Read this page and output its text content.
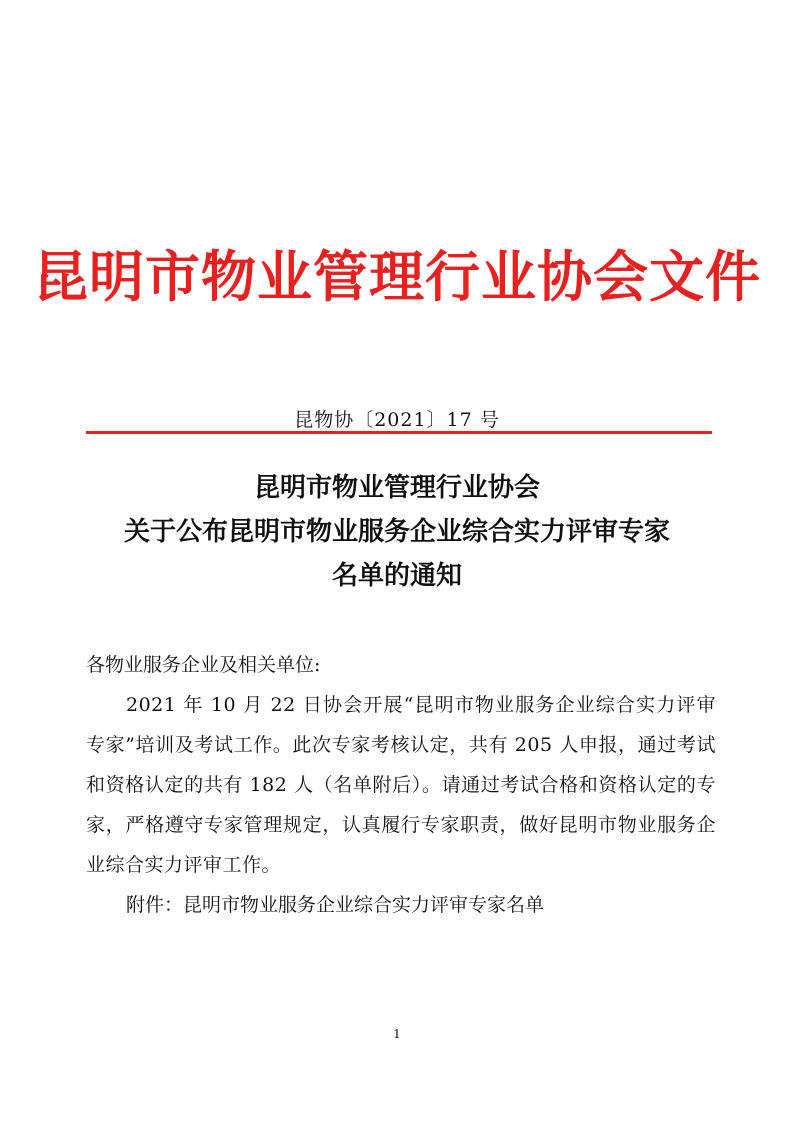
昆明市物业管理行业协会文件
昆物协〔2021〕17 号
昆明市物业管理行业协会
关于公布昆明市物业服务企业综合实力评审专家
名单的通知
各物业服务企业及相关单位:
2021 年 10 月 22 日协会开展“昆明市物业服务企业综合实力评审专家”培训及考试工作。此次专家考核认定，共有 205 人申报，通过考试和资格认定的共有 182 人（名单附后）。请通过考试合格和资格认定的专家，严格遵守专家管理规定，认真履行专家职责，做好昆明市物业服务企业综合实力评审工作。
附件：昆明市物业服务企业综合实力评审专家名单
1
